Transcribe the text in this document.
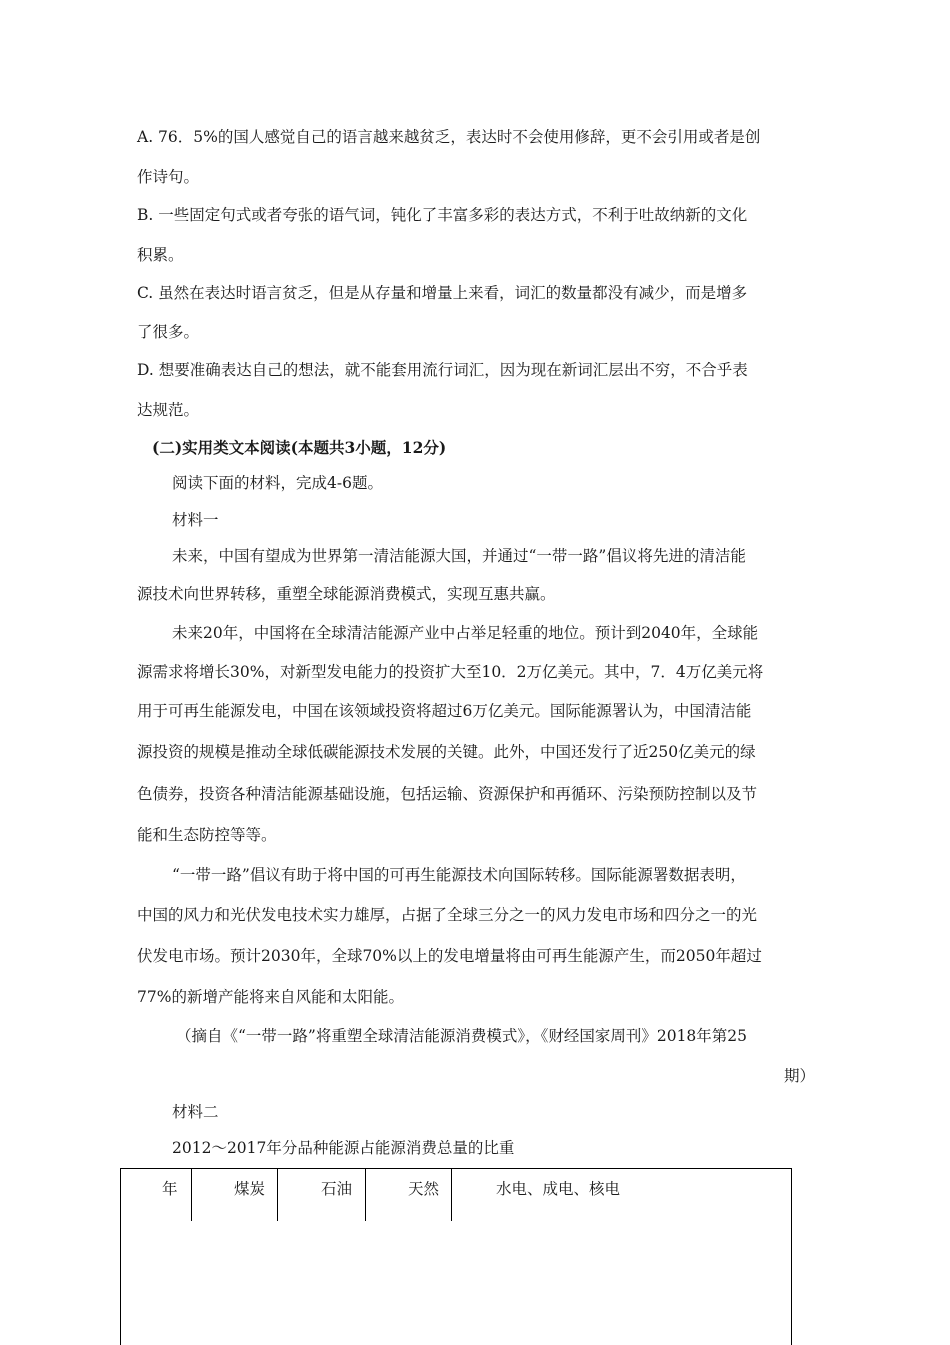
A. 76．5%的国人感觉自己的语言越来越贫乏，表达时不会使用修辞，更不会引用或者是创
作诗句。
B. 一些固定句式或者夸张的语气词，钝化了丰富多彩的表达方式，不利于吐故纳新的文化
积累。
C. 虽然在表达时语言贫乏，但是从存量和增量上来看，词汇的数量都没有减少，而是增多
了很多。
D. 想要准确表达自己的想法，就不能套用流行词汇，因为现在新词汇层出不穷，不合乎表
达规范。
(二)实用类文本阅读(本题共3小题，12分)
阅读下面的材料，完成4-6题。
材料一
未来，中国有望成为世界第一清洁能源大国，并通过“一带一路”倡议将先进的清洁能
源技术向世界转移，重塑全球能源消费模式，实现互惠共赢。
未来20年，中国将在全球清洁能源产业中占举足轻重的地位。预计到2040年，全球能
源需求将增长30%，对新型发电能力的投资扩大至10．2万亿美元。其中，7．4万亿美元将
用于可再生能源发电，中国在该领域投资将超过6万亿美元。国际能源署认为，中国清洁能
源投资的规模是推动全球低碳能源技术发展的关键。此外，中国还发行了近250亿美元的绿
色债券，投资各种清洁能源基础设施，包括运输、资源保护和再循环、污染预防控制以及节
能和生态防控等等。
“一带一路”倡议有助于将中国的可再生能源技术向国际转移。国际能源署数据表明，
中国的风力和光伏发电技术实力雄厚，占据了全球三分之一的风力发电市场和四分之一的光
伏发电市场。预计2030年，全球70%以上的发电增量将由可再生能源产生，而2050年超过
77%的新增产能将来自风能和太阳能。
（摘自《“一带一路”将重塑全球清洁能源消费模式》，《财经国家周刊》2018年第25
期）
材料二
2012～2017年分品种能源占能源消费总量的比重
年	煤炭	石油	天然	水电、成电、核电
